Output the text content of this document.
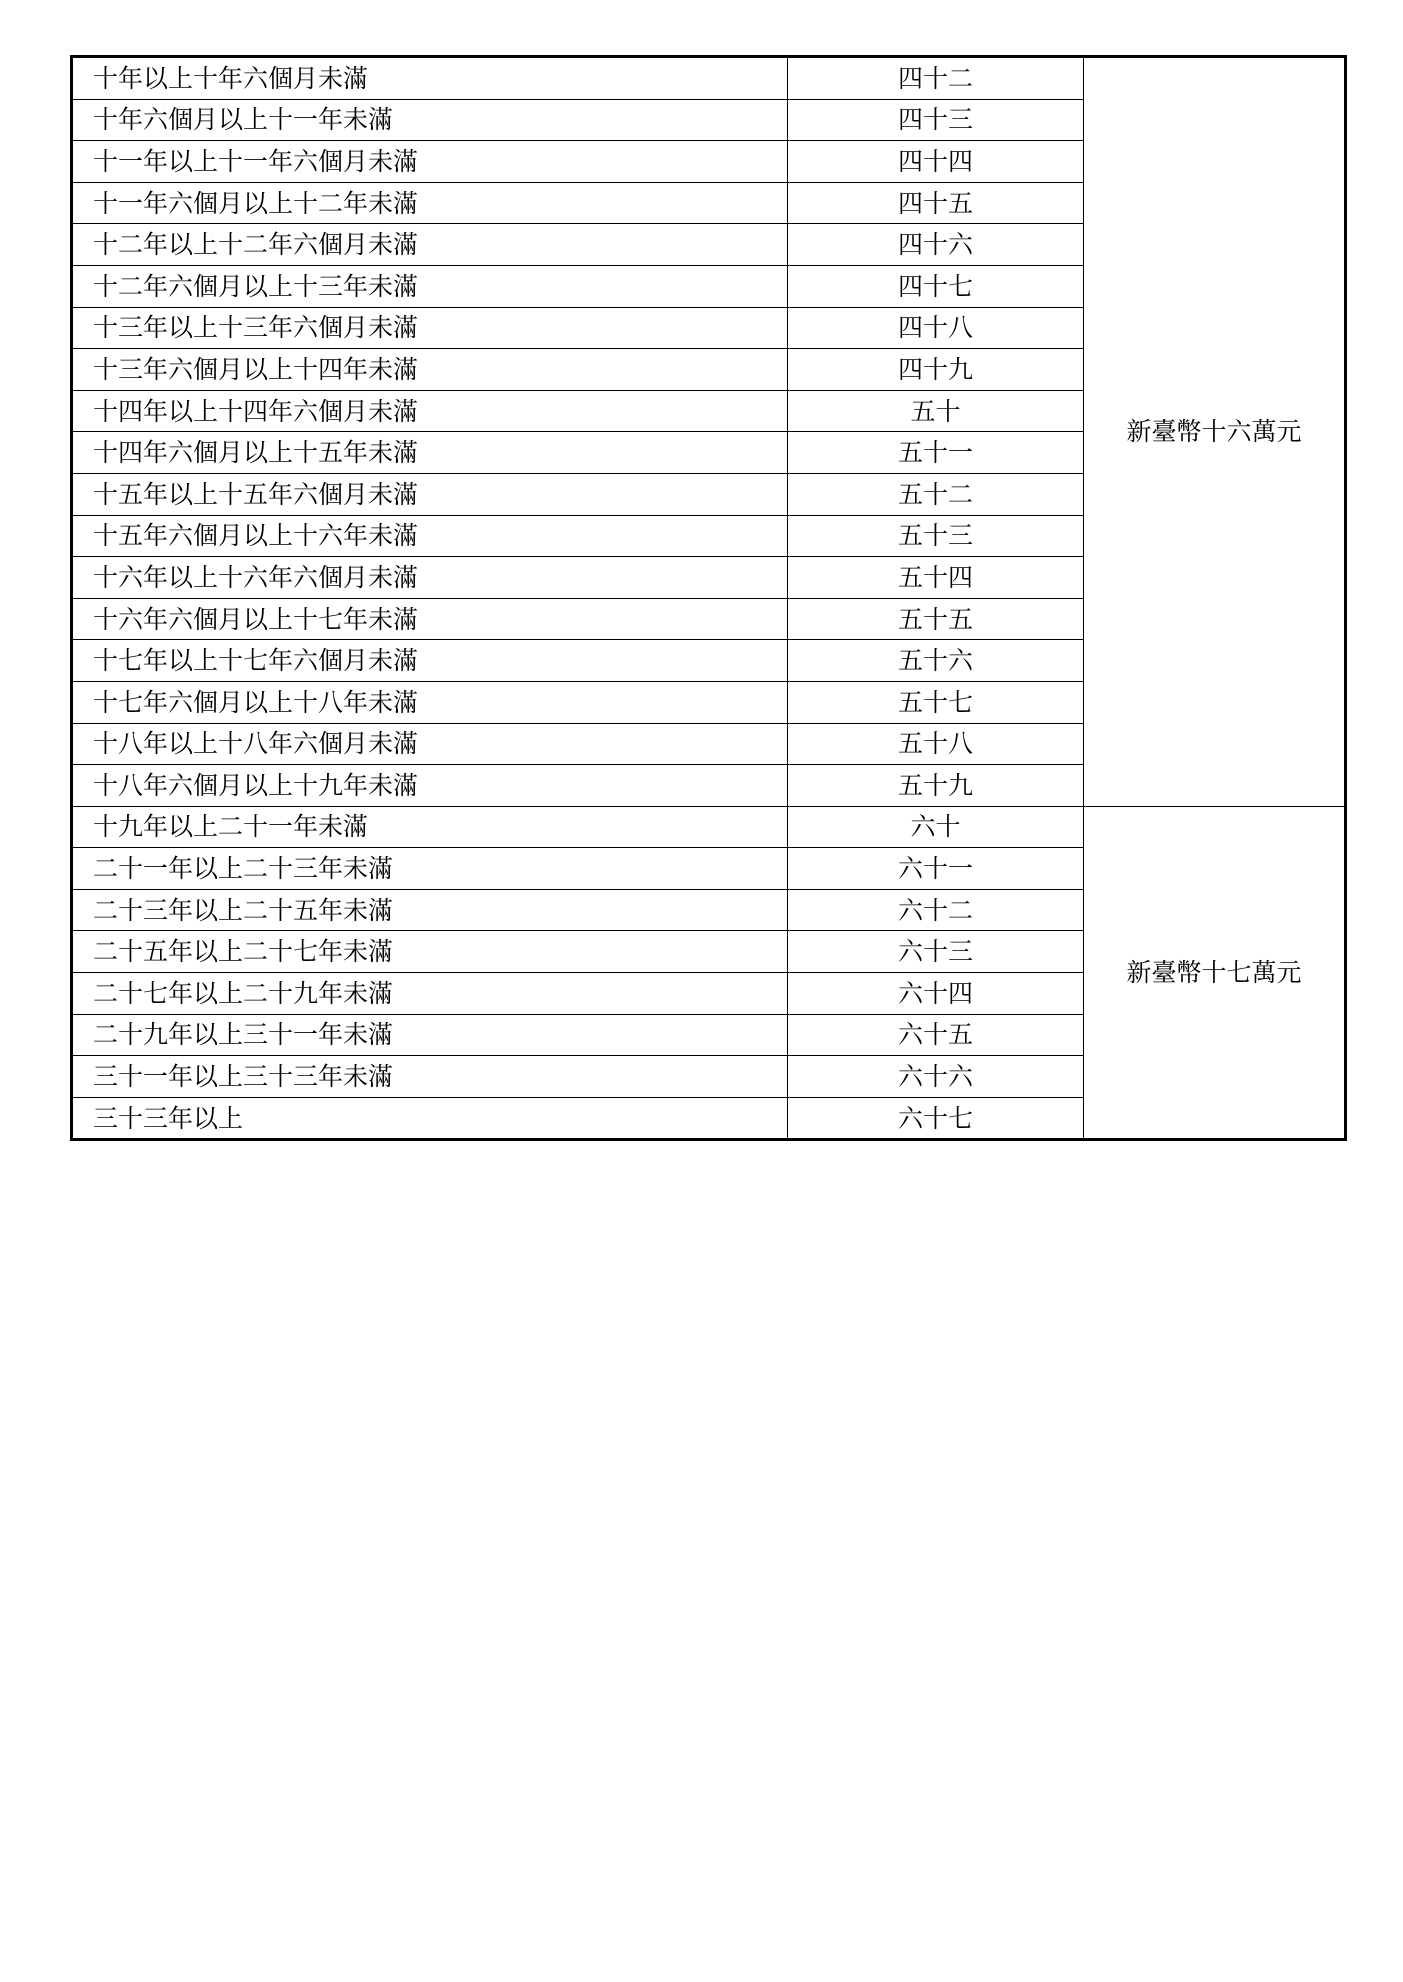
十年以上十年六個月未滿	四十二	新臺幣十六萬元
十年六個月以上十一年未滿	四十三	
十一年以上十一年六個月未滿	四十四	
十一年六個月以上十二年未滿	四十五	
十二年以上十二年六個月未滿	四十六	
十二年六個月以上十三年未滿	四十七	
十三年以上十三年六個月未滿	四十八	
十三年六個月以上十四年未滿	四十九	
十四年以上十四年六個月未滿	五十	
十四年六個月以上十五年未滿	五十一	
十五年以上十五年六個月未滿	五十二	
十五年六個月以上十六年未滿	五十三	
十六年以上十六年六個月未滿	五十四	
十六年六個月以上十七年未滿	五十五	
十七年以上十七年六個月未滿	五十六	
十七年六個月以上十八年未滿	五十七	
十八年以上十八年六個月未滿	五十八	
十八年六個月以上十九年未滿	五十九	
十九年以上二十一年未滿	六十	新臺幣十七萬元
二十一年以上二十三年未滿	六十一	
二十三年以上二十五年未滿	六十二	
二十五年以上二十七年未滿	六十三	
二十七年以上二十九年未滿	六十四	
二十九年以上三十一年未滿	六十五	
三十一年以上三十三年未滿	六十六	
三十三年以上	六十七	
